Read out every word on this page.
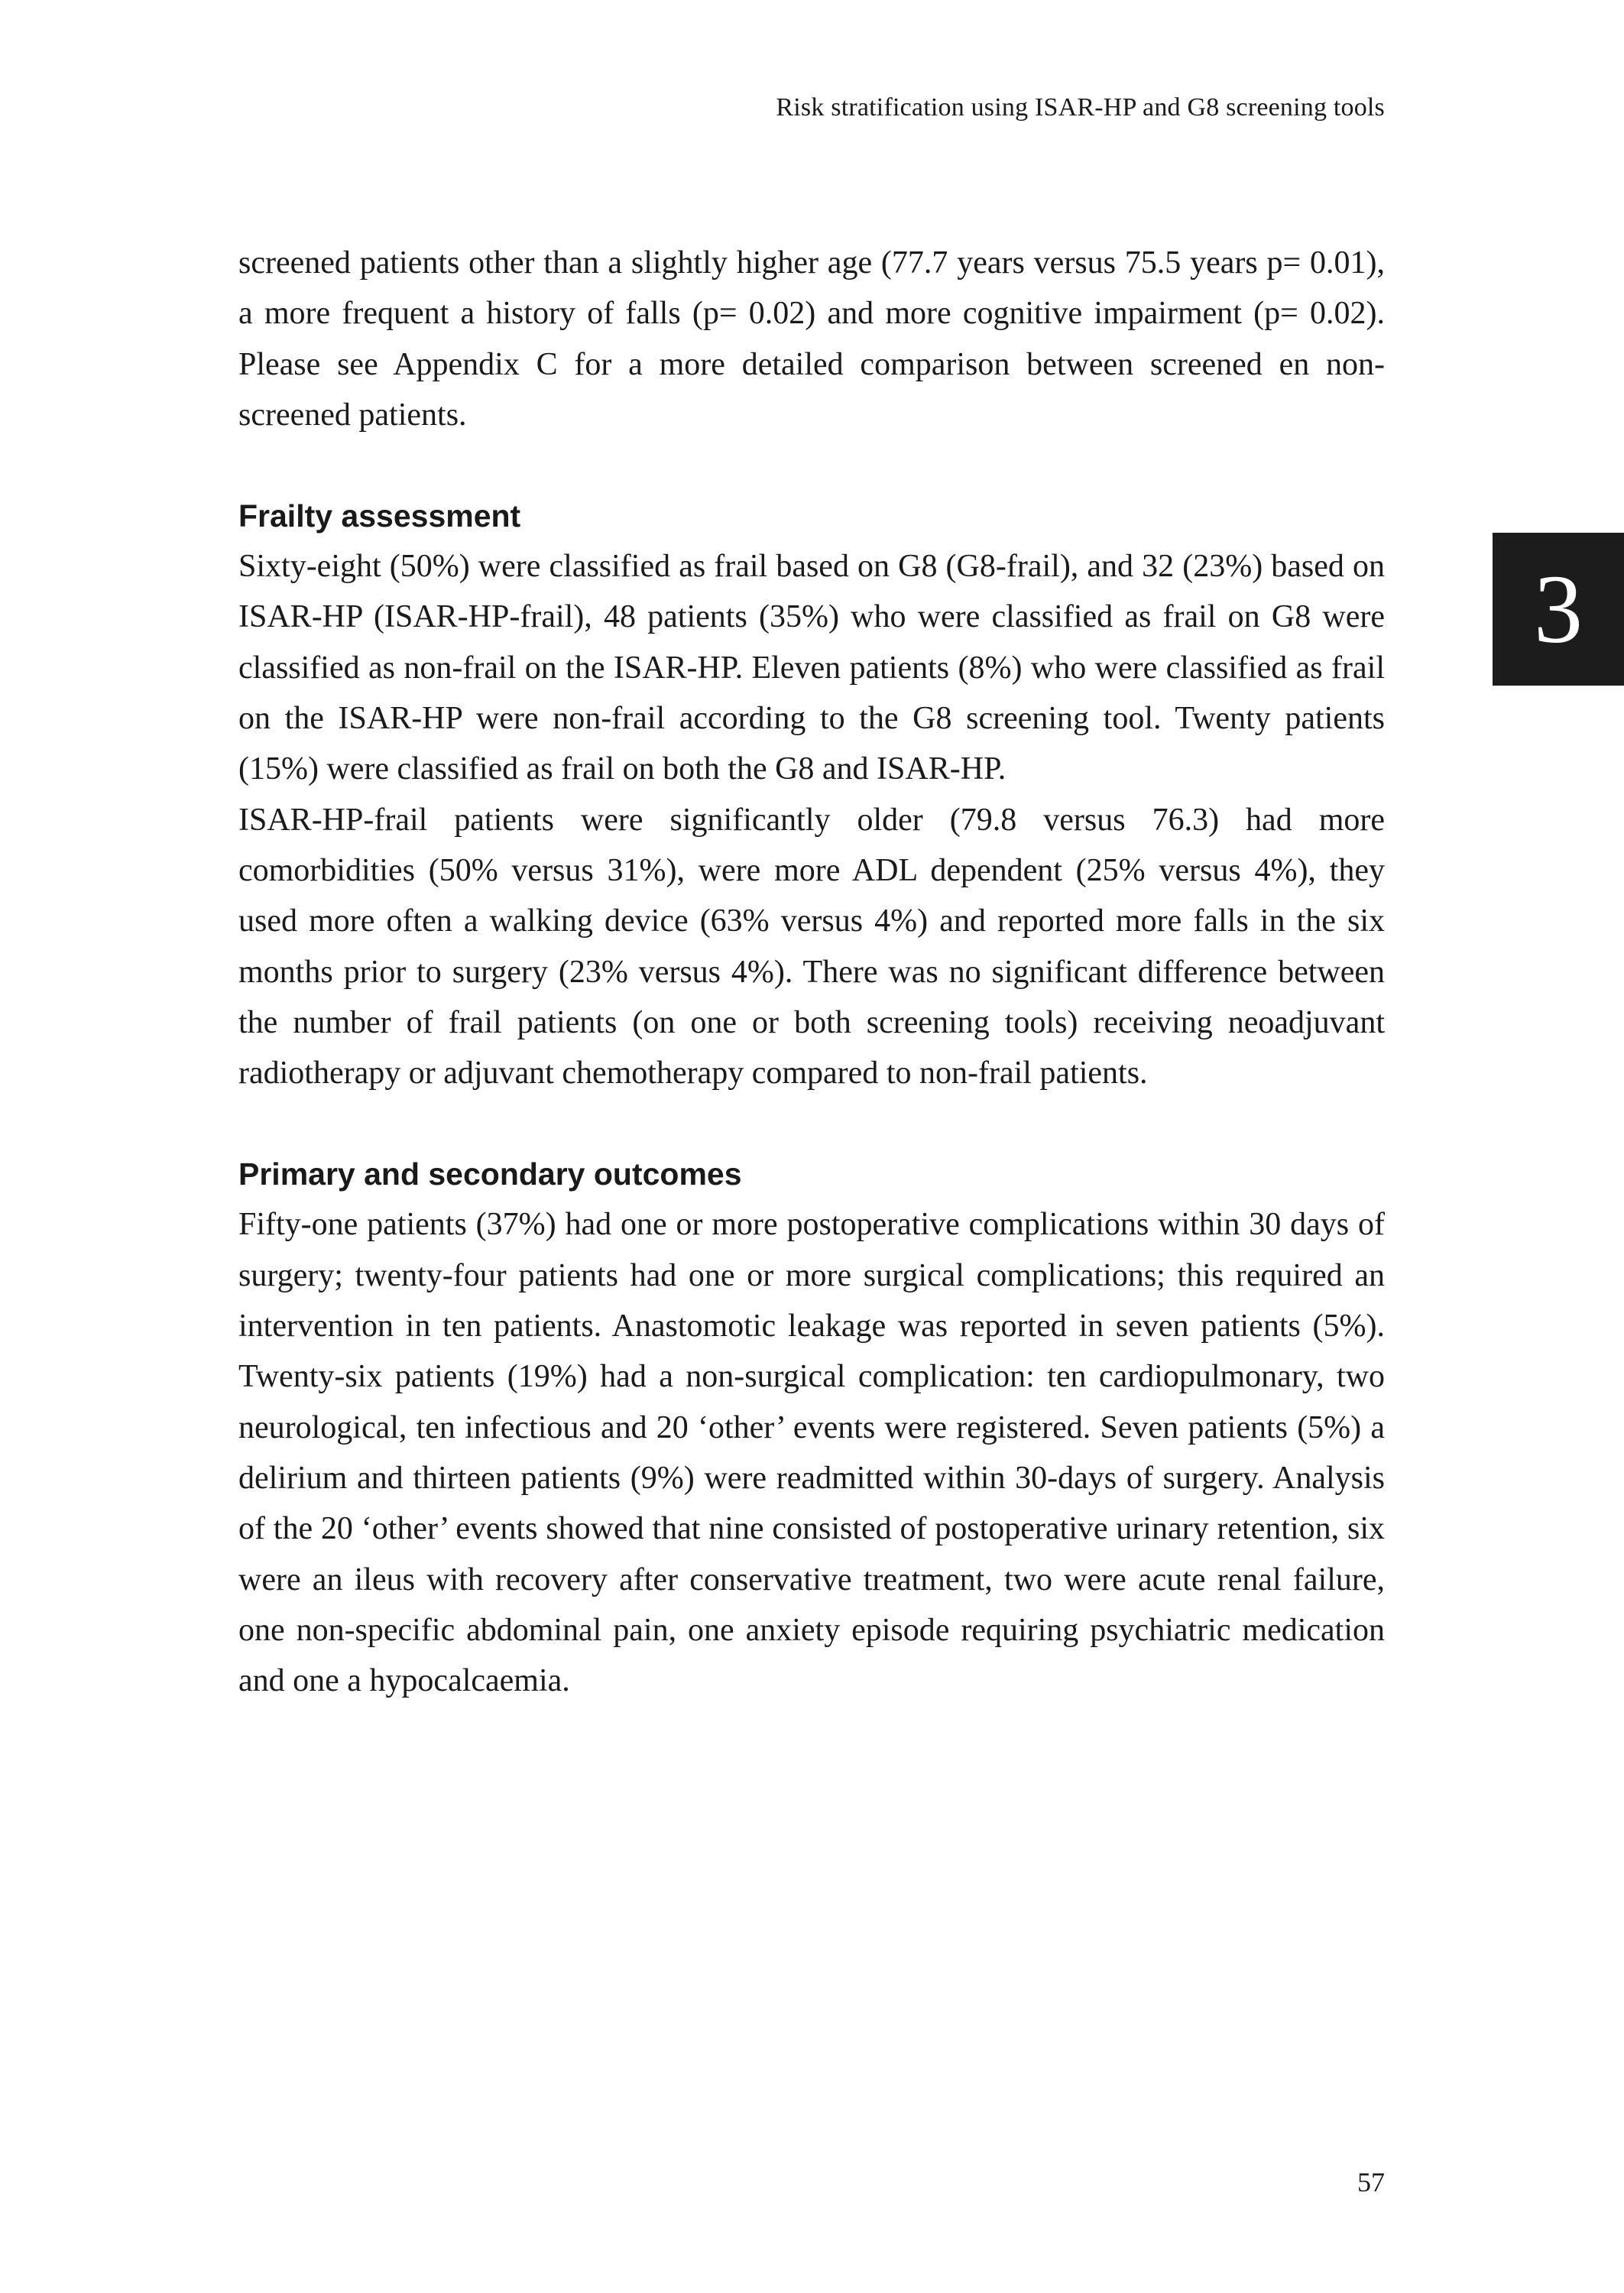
Risk stratification using ISAR-HP and G8 screening tools
3

screened patients other than a slightly higher age (77.7 years versus 75.5 years p= 0.01), a more frequent a history of falls (p= 0.02) and more cognitive impairment (p= 0.02). Please see Appendix C for a more detailed comparison between screened en non-screened patients.

Frailty assessment

Sixty-eight (50%) were classified as frail based on G8 (G8-frail), and 32 (23%) based on ISAR-HP (ISAR-HP-frail), 48 patients (35%) who were classified as frail on G8 were classified as non-frail on the ISAR-HP. Eleven patients (8%) who were classified as frail on the ISAR-HP were non-frail according to the G8 screening tool. Twenty patients (15%) were classified as frail on both the G8 and ISAR-HP.

ISAR-HP-frail patients were significantly older (79.8 versus 76.3) had more comorbidities (50% versus 31%), were more ADL dependent (25% versus 4%), they used more often a walking device (63% versus 4%) and reported more falls in the six months prior to surgery (23% versus 4%). There was no significant difference between the number of frail patients (on one or both screening tools) receiving neoadjuvant radiotherapy or adjuvant chemotherapy compared to non-frail patients.

Primary and secondary outcomes

Fifty-one patients (37%) had one or more postoperative complications within 30 days of surgery; twenty-four patients had one or more surgical complications; this required an intervention in ten patients. Anastomotic leakage was reported in seven patients (5%). Twenty-six patients (19%) had a non-surgical complication: ten cardiopulmonary, two neurological, ten infectious and 20 ‘other’ events were registered. Seven patients (5%) a delirium and thirteen patients (9%) were readmitted within 30-days of surgery. Analysis of the 20 ‘other’ events showed that nine consisted of postoperative urinary retention, six were an ileus with recovery after conservative treatment, two were acute renal failure, one non-specific abdominal pain, one anxiety episode requiring psychiatric medication and one a hypocalcaemia.

57
